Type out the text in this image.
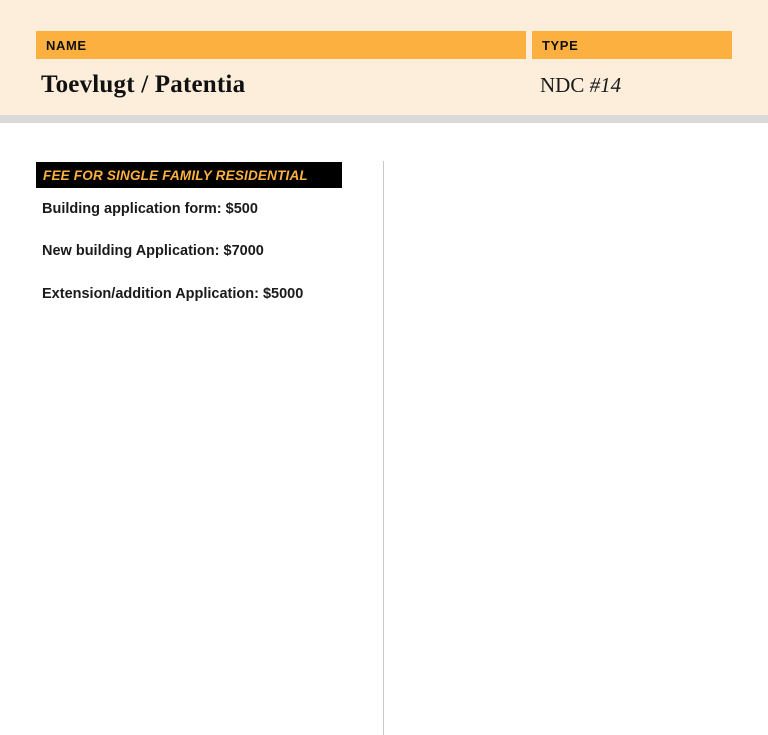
NAME	TYPE
Toevlugt / Patentia	NDC #14
FEE FOR SINGLE FAMILY RESIDENTIAL
Building application form: $500
New building Application: $7000
Extension/addition Application: $5000
